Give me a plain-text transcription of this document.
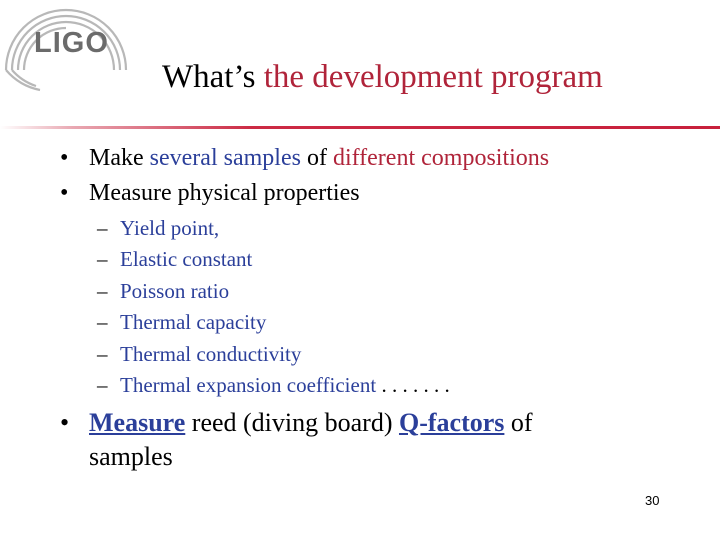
LIGO
What’s the development program
• Make several samples of different compositions
• Measure physical properties
– Yield point,
– Elastic constant
– Poisson ratio
– Thermal capacity
– Thermal conductivity
– Thermal expansion coefficient . . . . . . .
• Measure reed (diving board) Q-factors of
samples
30
